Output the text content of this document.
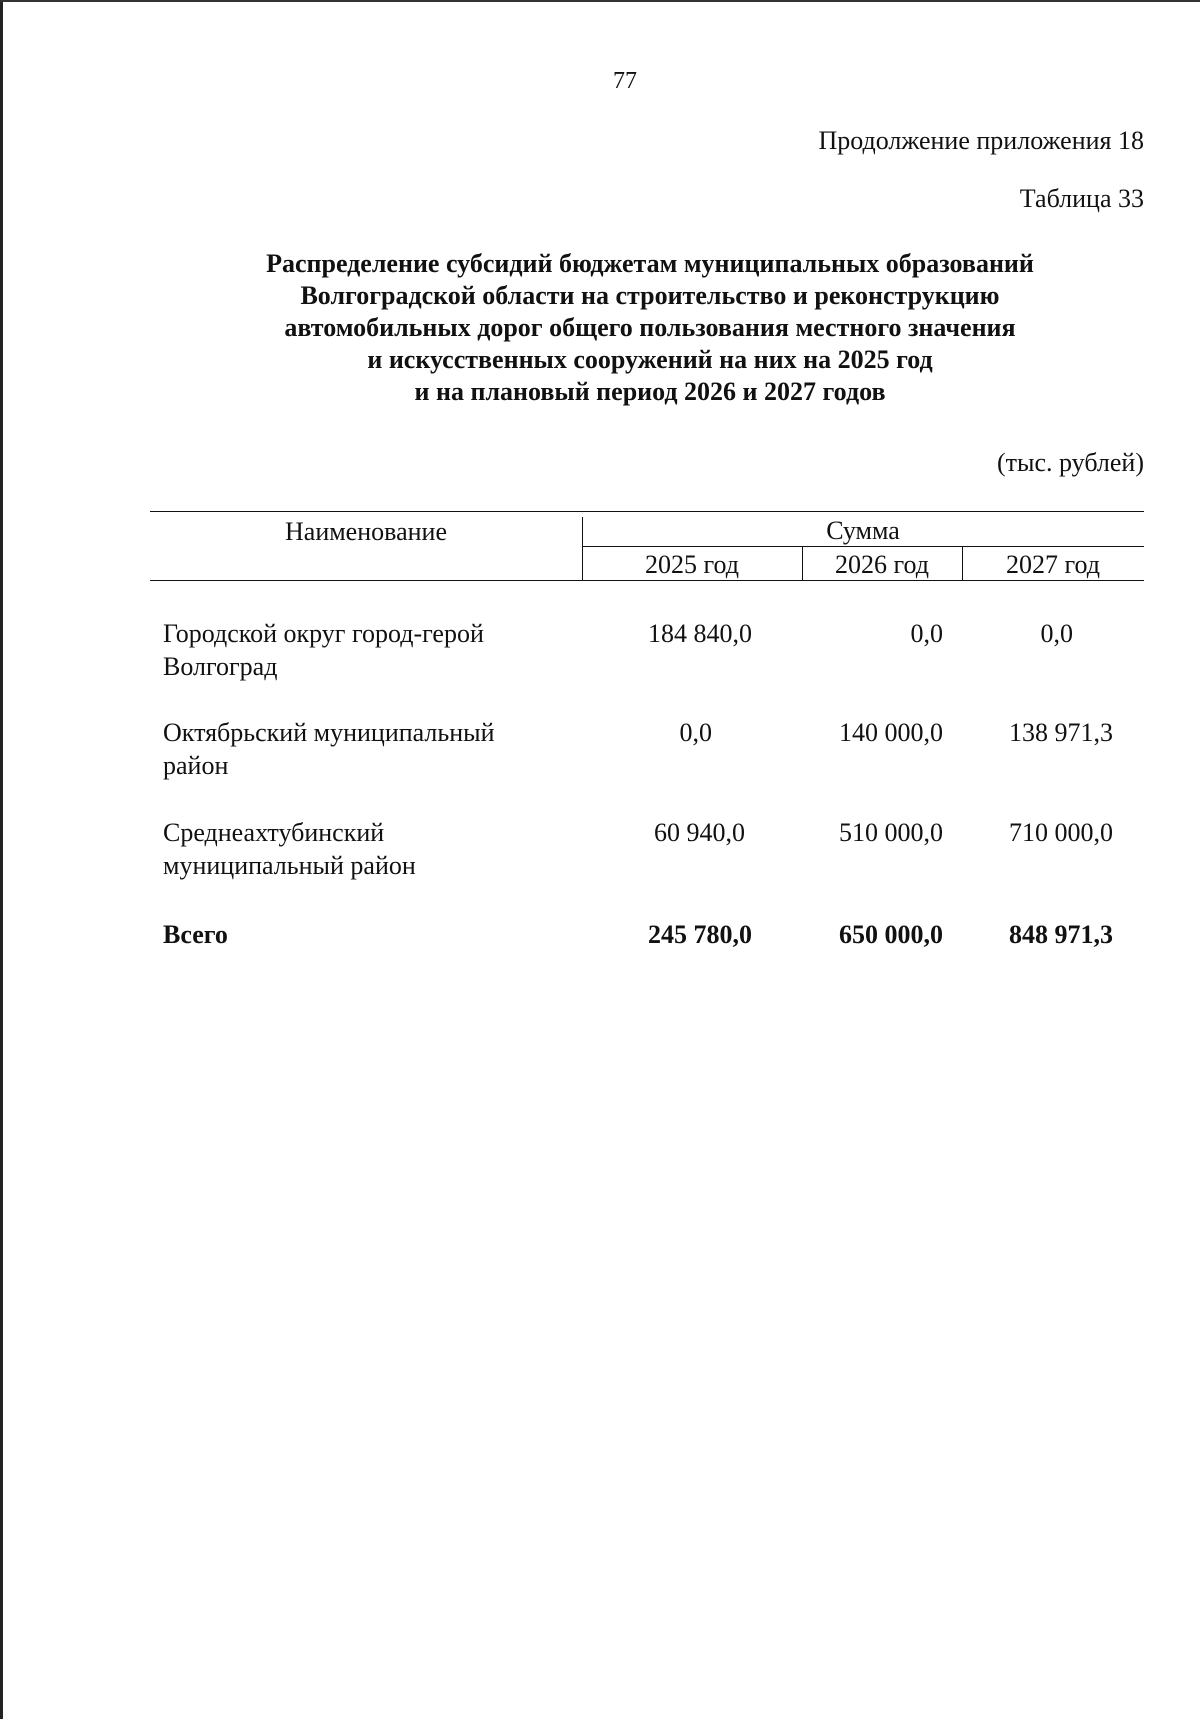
77
Продолжение приложения 18
Таблица 33
Распределение субсидий бюджетам муниципальных образований
Волгоградской области на строительство и реконструкцию
автомобильных дорог общего пользования местного значения
и искусственных сооружений на них на 2025 год
и на плановый период 2026 и 2027 годов
(тыс. рублей)
Наименование	Сумма
2025 год	2026 год	2027 год
Городской округ город-герой
Волгоград
184 840,0	0,0	0,0
Октябрьский муниципальный
район
0,0	140 000,0	138 971,3
Среднеахтубинский
муниципальный район
60 940,0	510 000,0	710 000,0
Всего	245 780,0	650 000,0	848 971,3
